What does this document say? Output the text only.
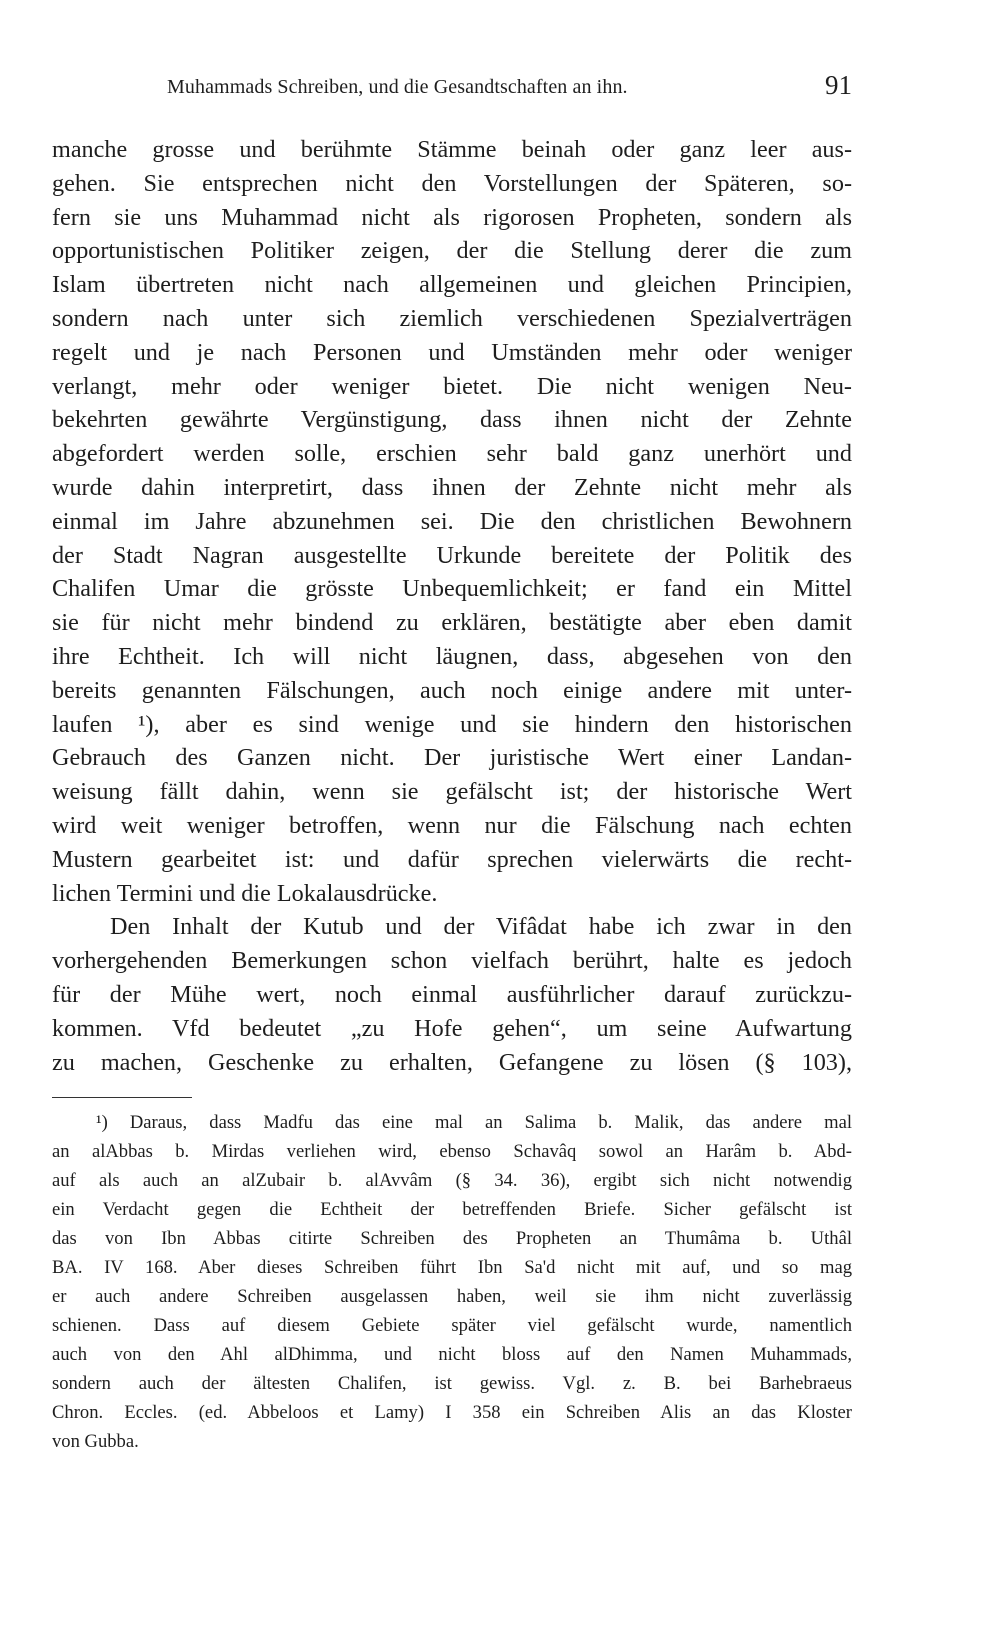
Muhammads Schreiben, und die Gesandtschaften an ihn.	91
manche grosse und berühmte Stämme beinah oder ganz leer aus-
gehen. Sie entsprechen nicht den Vorstellungen der Späteren, so-
fern sie uns Muhammad nicht als rigorosen Propheten, sondern als
opportunistischen Politiker zeigen, der die Stellung derer die zum
Islam übertreten nicht nach allgemeinen und gleichen Principien,
sondern nach unter sich ziemlich verschiedenen Spezialverträgen
regelt und je nach Personen und Umständen mehr oder weniger
verlangt, mehr oder weniger bietet. Die nicht wenigen Neu-
bekehrten gewährte Vergünstigung, dass ihnen nicht der Zehnte
abgefordert werden solle, erschien sehr bald ganz unerhört und
wurde dahin interpretirt, dass ihnen der Zehnte nicht mehr als
einmal im Jahre abzunehmen sei. Die den christlichen Bewohnern
der Stadt Nagran ausgestellte Urkunde bereitete der Politik des
Chalifen Umar die grösste Unbequemlichkeit; er fand ein Mittel
sie für nicht mehr bindend zu erklären, bestätigte aber eben damit
ihre Echtheit. Ich will nicht läugnen, dass, abgesehen von den
bereits genannten Fälschungen, auch noch einige andere mit unter-
laufen ¹), aber es sind wenige und sie hindern den historischen
Gebrauch des Ganzen nicht. Der juristische Wert einer Landan-
weisung fällt dahin, wenn sie gefälscht ist; der historische Wert
wird weit weniger betroffen, wenn nur die Fälschung nach echten
Mustern gearbeitet ist: und dafür sprechen vielerwärts die recht-
lichen Termini und die Lokalausdrücke.
Den Inhalt der Kutub und der Vifâdat habe ich zwar in den
vorhergehenden Bemerkungen schon vielfach berührt, halte es jedoch
für der Mühe wert, noch einmal ausführlicher darauf zurückzu-
kommen. Vfd bedeutet „zu Hofe gehen“, um seine Aufwartung
zu machen, Geschenke zu erhalten, Gefangene zu lösen (§ 103),
¹) Daraus, dass Madfu das eine mal an Salima b. Malik, das andere mal
an alAbbas b. Mirdas verliehen wird, ebenso Schavâq sowol an Harâm b. Abd-
auf als auch an alZubair b. alAvvâm (§ 34. 36), ergibt sich nicht notwendig
ein Verdacht gegen die Echtheit der betreffenden Briefe. Sicher gefälscht ist
das von Ibn Abbas citirte Schreiben des Propheten an Thumâma b. Uthâl
BA. IV 168. Aber dieses Schreiben führt Ibn Sa'd nicht mit auf, und so mag
er auch andere Schreiben ausgelassen haben, weil sie ihm nicht zuverlässig
schienen. Dass auf diesem Gebiete später viel gefälscht wurde, namentlich
auch von den Ahl alDhimma, und nicht bloss auf den Namen Muhammads,
sondern auch der ältesten Chalifen, ist gewiss. Vgl. z. B. bei Barhebraeus
Chron. Eccles. (ed. Abbeloos et Lamy) I 358 ein Schreiben Alis an das Kloster
von Gubba.
